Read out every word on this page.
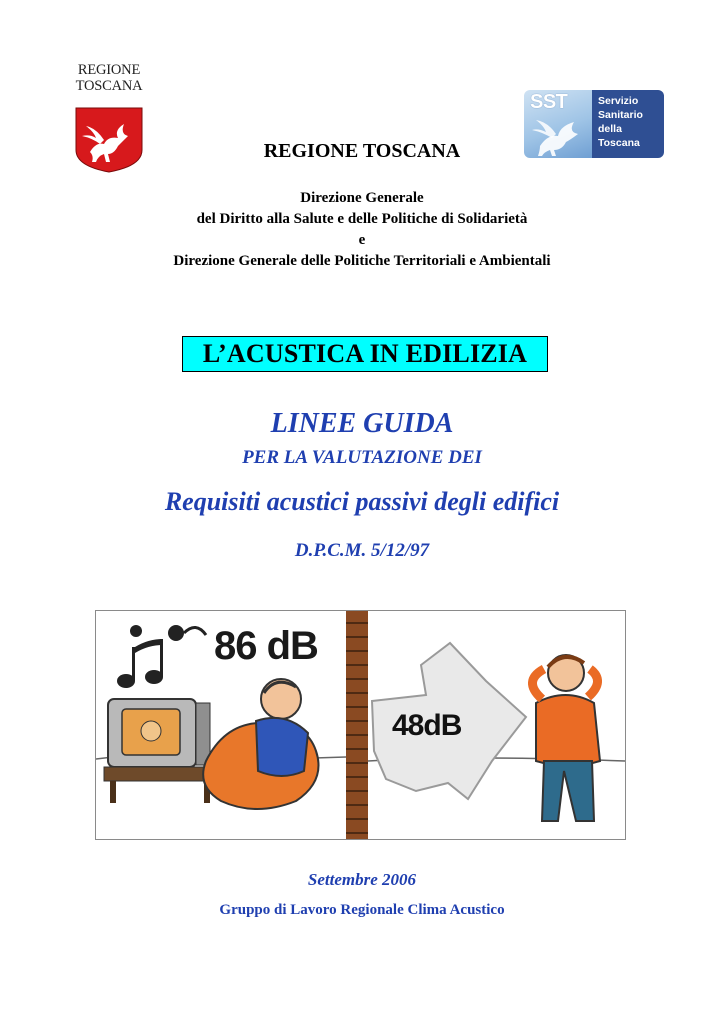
REGIONE
TOSCANA
SST	Servizio
Sanitario
della
Toscana
REGIONE TOSCANA
Direzione Generale
del Diritto alla Salute e delle Politiche di Solidarietà
e
Direzione Generale delle Politiche Territoriali e Ambientali
L’ACUSTICA IN EDILIZIA
LINEE GUIDA
PER LA VALUTAZIONE DEI
Requisiti acustici passivi degli edifici
D.P.C.M. 5/12/97
86 dB
48dB
Settembre 2006
Gruppo di Lavoro Regionale Clima Acustico
